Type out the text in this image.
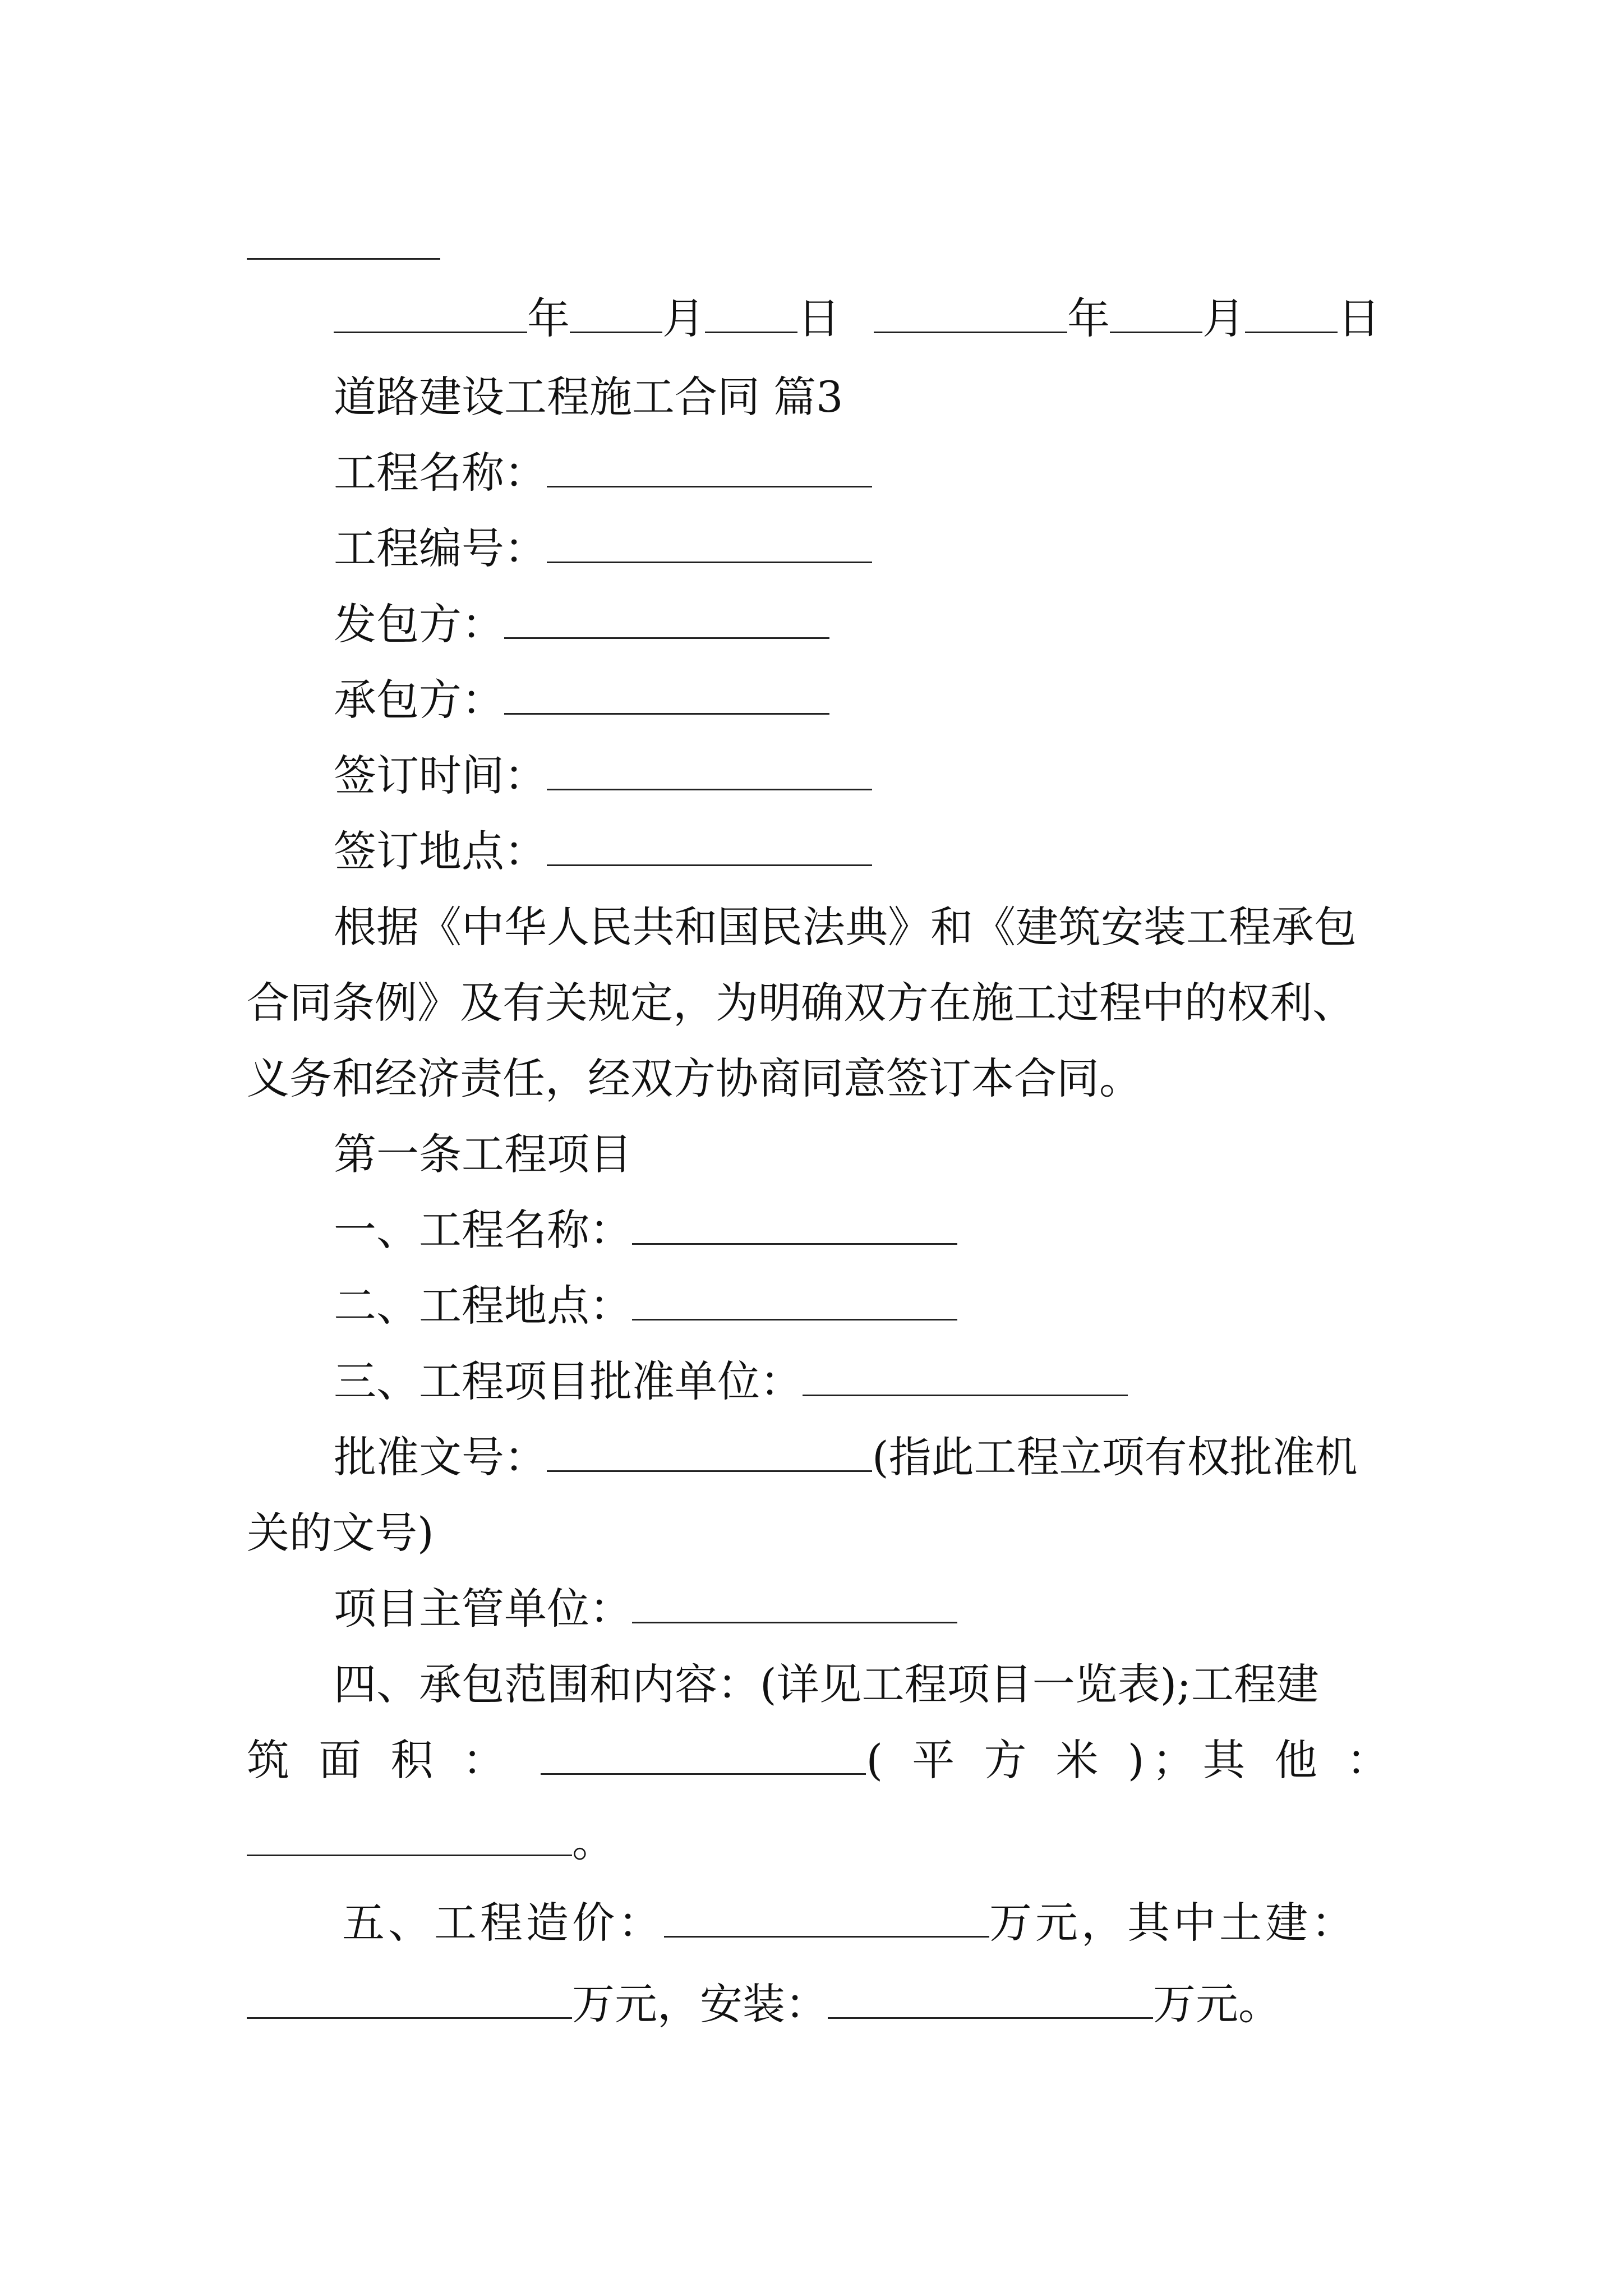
年 月 日	年 月 日
道路建设工程施工合同 篇3
工程名称：
工程编号：
发包方：
承包方：
签订时间：
签订地点：
根据《中华人民共和国民法典》和《建筑安装工程承包
合同条例》及有关规定，为明确双方在施工过程中的权利、
义务和经济责任，经双方协商同意签订本合同。
第一条工程项目
一、工程名称：
二、工程地点：
三、工程项目批准单位：
批准文号：	(指此工程立项有权批准机
关的文号)
项目主管单位：
四、承包范围和内容：(详见工程项目一览表);工程建
筑 面 积 ：	( 平 方 米 )；其 他 ：
。
五、工程造价：	万元，其中土建：
万元，安装：	万元。
